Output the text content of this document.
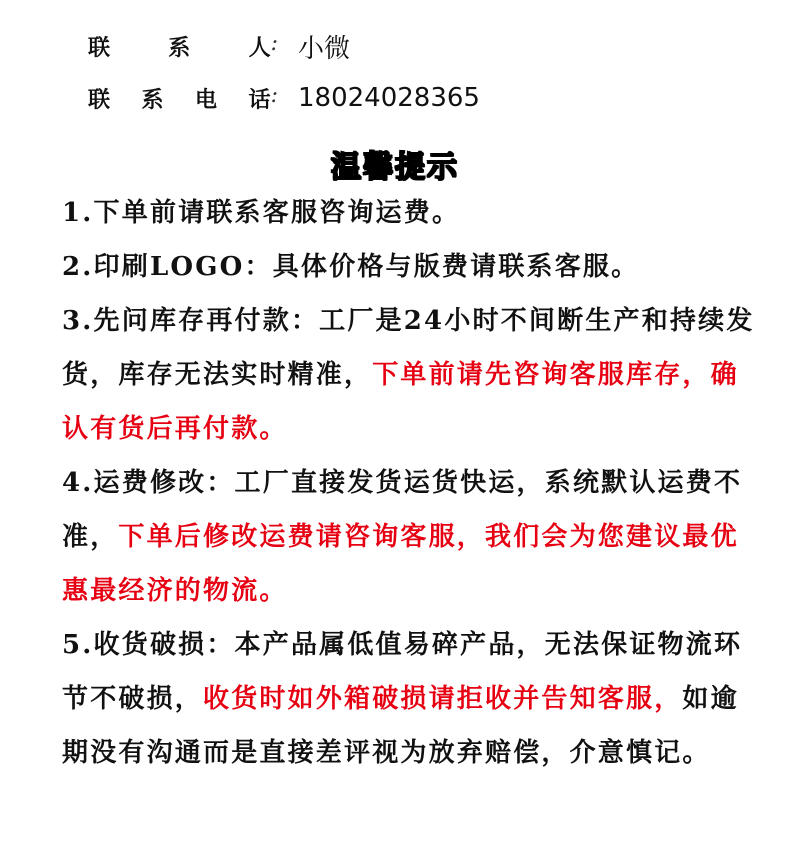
联	系	人 : 小微
联 系 电 话 : 18024028365
温馨提示

1.下单前请联系客服咨询运费。

2.印刷LOGO：具体价格与版费请联系客服。

3.先问库存再付款：工厂是24小时不间断生产和持续发货，库存无法实时精准，下单前请先咨询客服库存，确认有货后再付款。

4.运费修改：工厂直接发货运货快运，系统默认运费不准，下单后修改运费请咨询客服，我们会为您建议最优惠最经济的物流。

5.收货破损：本产品属低值易碎产品，无法保证物流环节不破损，收货时如外箱破损请拒收并告知客服，如逾期没有沟通而是直接差评视为放弃赔偿，介意慎记。
